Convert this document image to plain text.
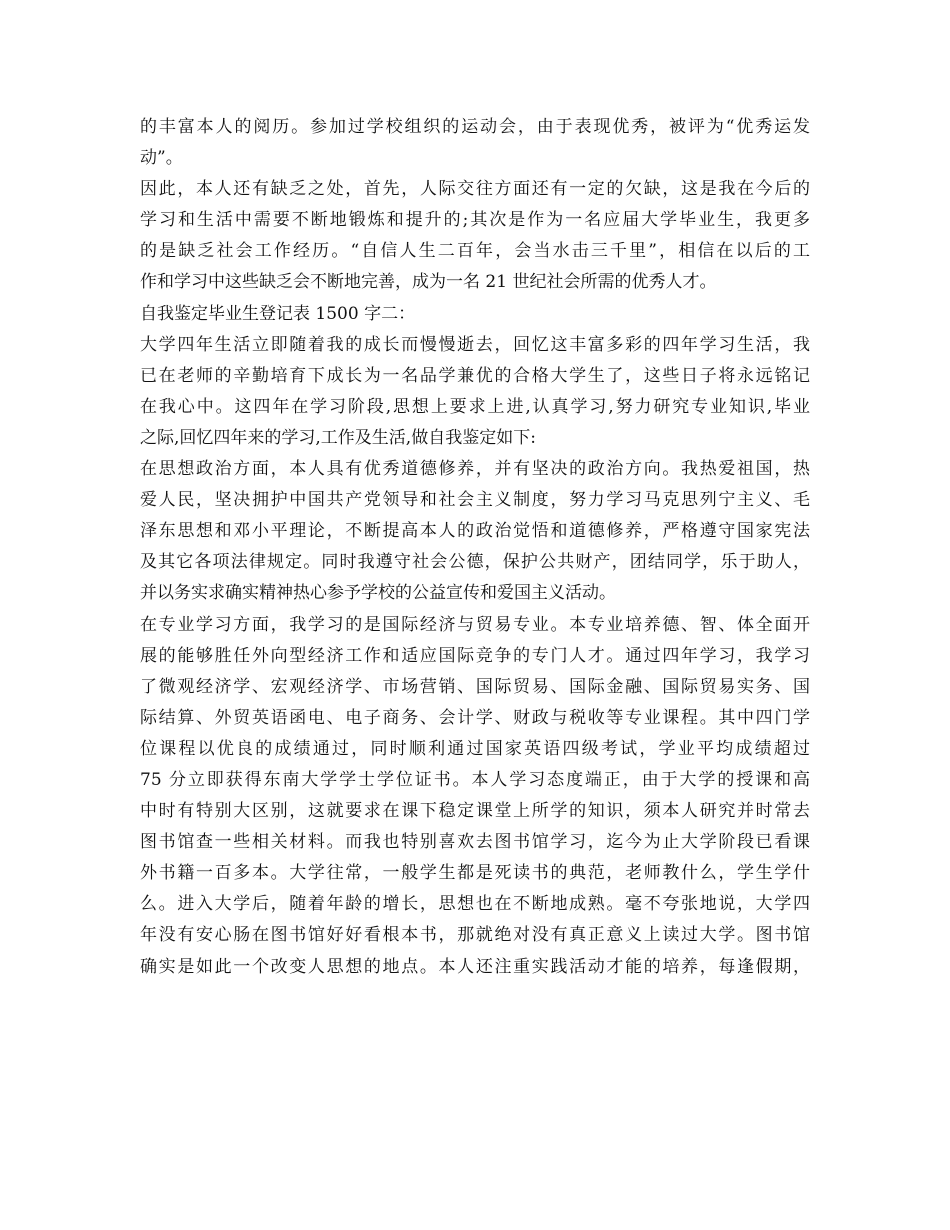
的丰富本人的阅历。参加过学校组织的运动会，由于表现优秀，被评为“优秀运发
动”。
因此，本人还有缺乏之处，首先，人际交往方面还有一定的欠缺，这是我在今后的
学习和生活中需要不断地锻炼和提升的;其次是作为一名应届大学毕业生，我更多
的是缺乏社会工作经历。“自信人生二百年，会当水击三千里”，相信在以后的工
作和学习中这些缺乏会不断地完善，成为一名 21 世纪社会所需的优秀人才。
自我鉴定毕业生登记表 1500 字二：
大学四年生活立即随着我的成长而慢慢逝去，回忆这丰富多彩的四年学习生活，我
已在老师的辛勤培育下成长为一名品学兼优的合格大学生了，这些日子将永远铭记
在我心中。这四年在学习阶段,思想上要求上进,认真学习,努力研究专业知识,毕业
之际,回忆四年来的学习,工作及生活,做自我鉴定如下:
在思想政治方面，本人具有优秀道德修养，并有坚决的政治方向。我热爱祖国，热
爱人民，坚决拥护中国共产党领导和社会主义制度，努力学习马克思列宁主义、毛
泽东思想和邓小平理论，不断提高本人的政治觉悟和道德修养，严格遵守国家宪法
及其它各项法律规定。同时我遵守社会公德，保护公共财产，团结同学，乐于助人，
并以务实求确实精神热心参予学校的公益宣传和爱国主义活动。
在专业学习方面，我学习的是国际经济与贸易专业。本专业培养德、智、体全面开
展的能够胜任外向型经济工作和适应国际竞争的专门人才。通过四年学习，我学习
了微观经济学、宏观经济学、市场营销、国际贸易、国际金融、国际贸易实务、国
际结算、外贸英语函电、电子商务、会计学、财政与税收等专业课程。其中四门学
位课程以优良的成绩通过，同时顺利通过国家英语四级考试，学业平均成绩超过
75 分立即获得东南大学学士学位证书。本人学习态度端正，由于大学的授课和高
中时有特别大区别，这就要求在课下稳定课堂上所学的知识，须本人研究并时常去
图书馆查一些相关材料。而我也特别喜欢去图书馆学习，迄今为止大学阶段已看课
外书籍一百多本。大学往常，一般学生都是死读书的典范，老师教什么，学生学什
么。进入大学后，随着年龄的增长，思想也在不断地成熟。毫不夸张地说，大学四
年没有安心肠在图书馆好好看根本书，那就绝对没有真正意义上读过大学。图书馆
确实是如此一个改变人思想的地点。本人还注重实践活动才能的培养，每逢假期，
